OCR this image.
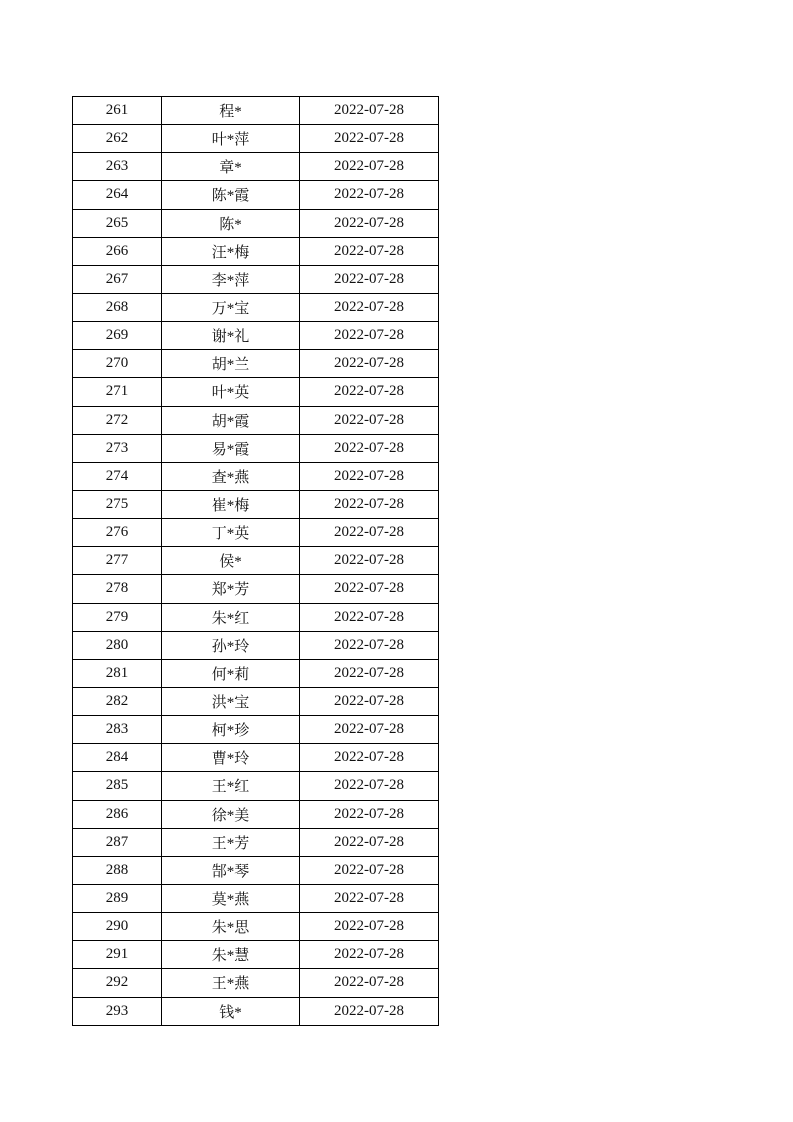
261	程*	2022-07-28
262	叶*萍	2022-07-28
263	章*	2022-07-28
264	陈*霞	2022-07-28
265	陈*	2022-07-28
266	汪*梅	2022-07-28
267	李*萍	2022-07-28
268	万*宝	2022-07-28
269	谢*礼	2022-07-28
270	胡*兰	2022-07-28
271	叶*英	2022-07-28
272	胡*霞	2022-07-28
273	易*霞	2022-07-28
274	查*燕	2022-07-28
275	崔*梅	2022-07-28
276	丁*英	2022-07-28
277	侯*	2022-07-28
278	郑*芳	2022-07-28
279	朱*红	2022-07-28
280	孙*玲	2022-07-28
281	何*莉	2022-07-28
282	洪*宝	2022-07-28
283	柯*珍	2022-07-28
284	曹*玲	2022-07-28
285	王*红	2022-07-28
286	徐*美	2022-07-28
287	王*芳	2022-07-28
288	郜*琴	2022-07-28
289	莫*燕	2022-07-28
290	朱*思	2022-07-28
291	朱*慧	2022-07-28
292	王*燕	2022-07-28
293	钱*	2022-07-28
